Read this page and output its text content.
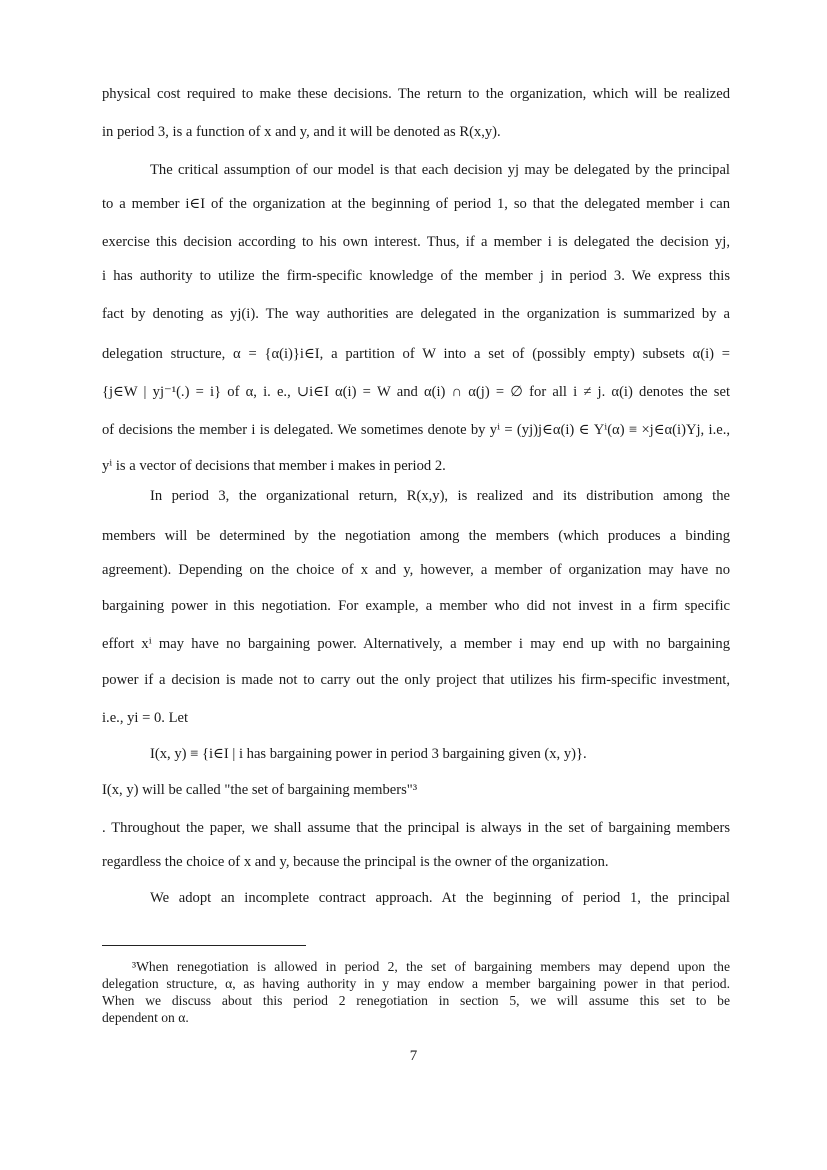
physical cost required to make these decisions. The return to the organization, which will be realized
in period 3, is a function of x and y, and it will be denoted as R(x,y).
The critical assumption of our model is that each decision yj may be delegated by the principal
to a member i∈I of the organization at the beginning of period 1, so that the delegated member i can
exercise this decision according to his own interest. Thus, if a member i is delegated the decision yj,
i has authority to utilize the firm-specific knowledge of the member j in period 3. We express this
fact by denoting as yj(i). The way authorities are delegated in the organization is summarized by a
delegation structure, α = {α(i)}i∈I, a partition of W into a set of (possibly empty) subsets α(i) =
{j∈W | yj⁻¹(.) = i} of α, i. e., ∪i∈I α(i) = W and α(i) ∩ α(j) = ∅ for all i ≠ j. α(i) denotes the set
of decisions the member i is delegated. We sometimes denote by yⁱ = (yj)j∈α(i) ∈ Yⁱ(α) ≡ ×j∈α(i)Yj, i.e.,
yⁱ is a vector of decisions that member i makes in period 2.
In period 3, the organizational return, R(x,y), is realized and its distribution among the
members will be determined by the negotiation among the members (which produces a binding
agreement). Depending on the choice of x and y, however, a member of organization may have no
bargaining power in this negotiation. For example, a member who did not invest in a firm specific
effort xⁱ may have no bargaining power. Alternatively, a member i may end up with no bargaining
power if a decision is made not to carry out the only project that utilizes his firm-specific investment,
i.e., yi = 0. Let
I(x, y) ≡ {i∈I | i has bargaining power in period 3 bargaining given (x, y)}.
I(x, y) will be called "the set of bargaining members"³
. Throughout the paper, we shall assume that the principal is always in the set of bargaining members
regardless the choice of x and y, because the principal is the owner of the organization.
We adopt an incomplete contract approach. At the beginning of period 1, the principal
³When renegotiation is allowed in period 2, the set of bargaining members may depend upon the
delegation structure, α, as having authority in y may endow a member bargaining power in that period.
When we discuss about this period 2 renegotiation in section 5, we will assume this set to be
dependent on α.
7
